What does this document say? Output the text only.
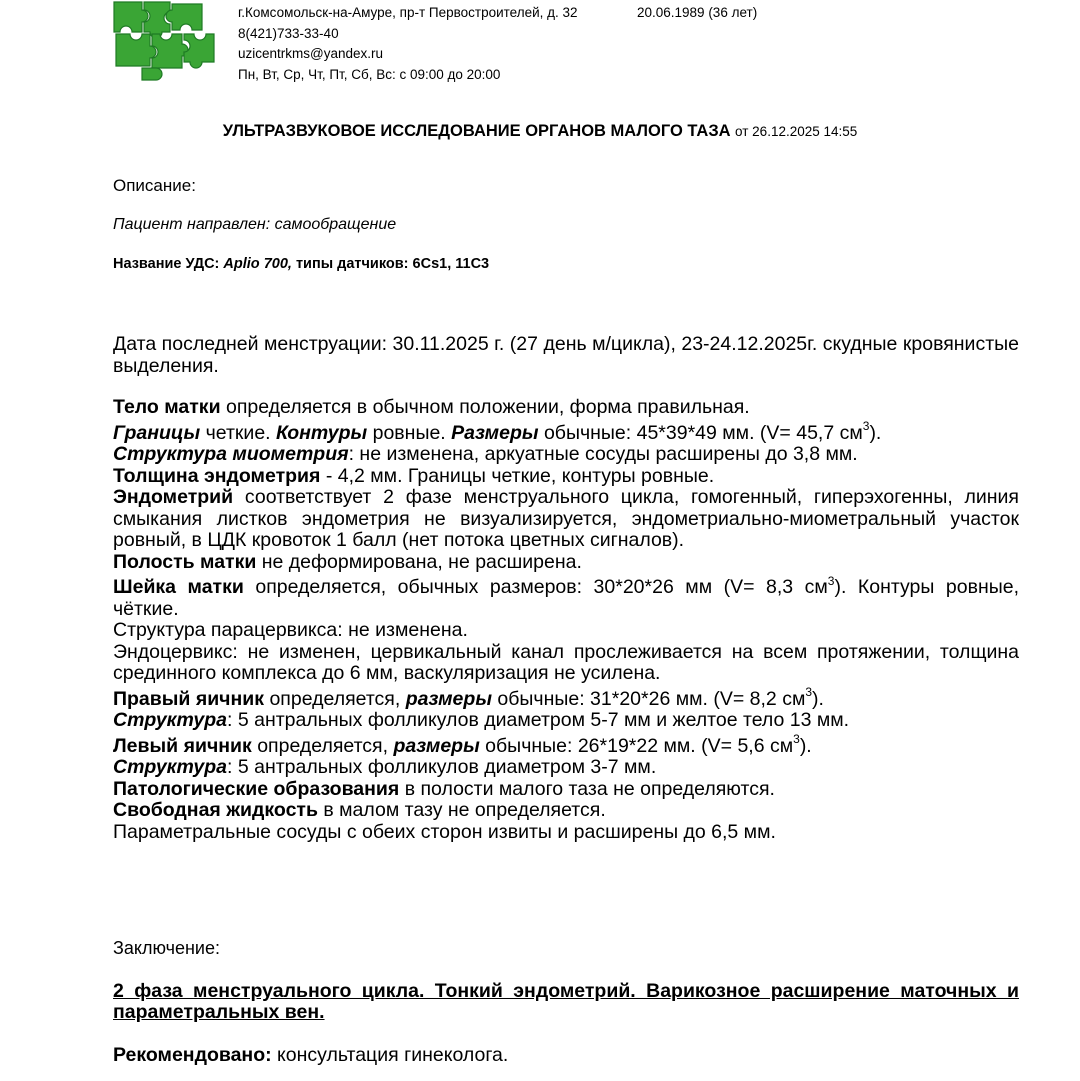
г.Комсомольск-на-Амуре, пр-т Первостроителей, д. 32
8(421)733-33-40
uzicentrkms@yandex.ru
Пн, Вт, Ср, Чт, Пт, Сб, Вс: с 09:00 до 20:00
20.06.1989 (36 лет)
УЛЬТРАЗВУКОВОЕ ИССЛЕДОВАНИЕ ОРГАНОВ МАЛОГО ТАЗА от 26.12.2025 14:55
Описание:
Пациент направлен: самообращение
Название УДС: Aplio 700, типы датчиков: 6Cs1, 11C3

Дата последней менструации: 30.11.2025 г. (27 день м/цикла), 23-24.12.2025г. скудные кровянистые выделения.

Тело матки определяется в обычном положении, форма правильная.

Границы четкие. Контуры ровные. Размеры обычные: 45*39*49 мм. (V= 45,7 $см^3$).

Структура миометрия: не изменена, аркуатные сосуды расширены до 3,8 мм.

Толщина эндометрия - 4,2 мм. Границы четкие, контуры ровные.

Эндометрий соответствует 2 фазе менструального цикла, гомогенный, гиперэхогенны, линия смыкания листков эндометрия не визуализируется, эндометриально-миометральный участок ровный, в ЦДК кровоток 1 балл (нет потока цветных сигналов).

Полость матки не деформирована, не расширена.

Шейка матки определяется, обычных размеров: 30*20*26 мм (V= 8,3 $см^3$). Контуры ровные, чёткие.

Структура парацервикса: не изменена.

Эндоцервикс: не изменен, цервикальный канал прослеживается на всем протяжении, толщина срединного комплекса до 6 мм, васкуляризация не усилена.

Правый яичник определяется, размеры обычные: 31*20*26 мм. (V= 8,2 $см^3$).

Структура: 5 антральных фолликулов диаметром 5-7 мм и желтое тело 13 мм.

Левый яичник определяется, размеры обычные: 26*19*22 мм. (V= 5,6 $см^3$).

Структура: 5 антральных фолликулов диаметром 3-7 мм.

Патологические образования в полости малого таза не определяются.

Свободная жидкость в малом тазу не определяется.

Параметральные сосуды с обеих сторон извиты и расширены до 6,5 мм.

Заключение:
2 фаза менструального цикла. Тонкий эндометрий. Варикозное расширение маточных и параметральных вен.
Рекомендовано: консультация гинеколога.
